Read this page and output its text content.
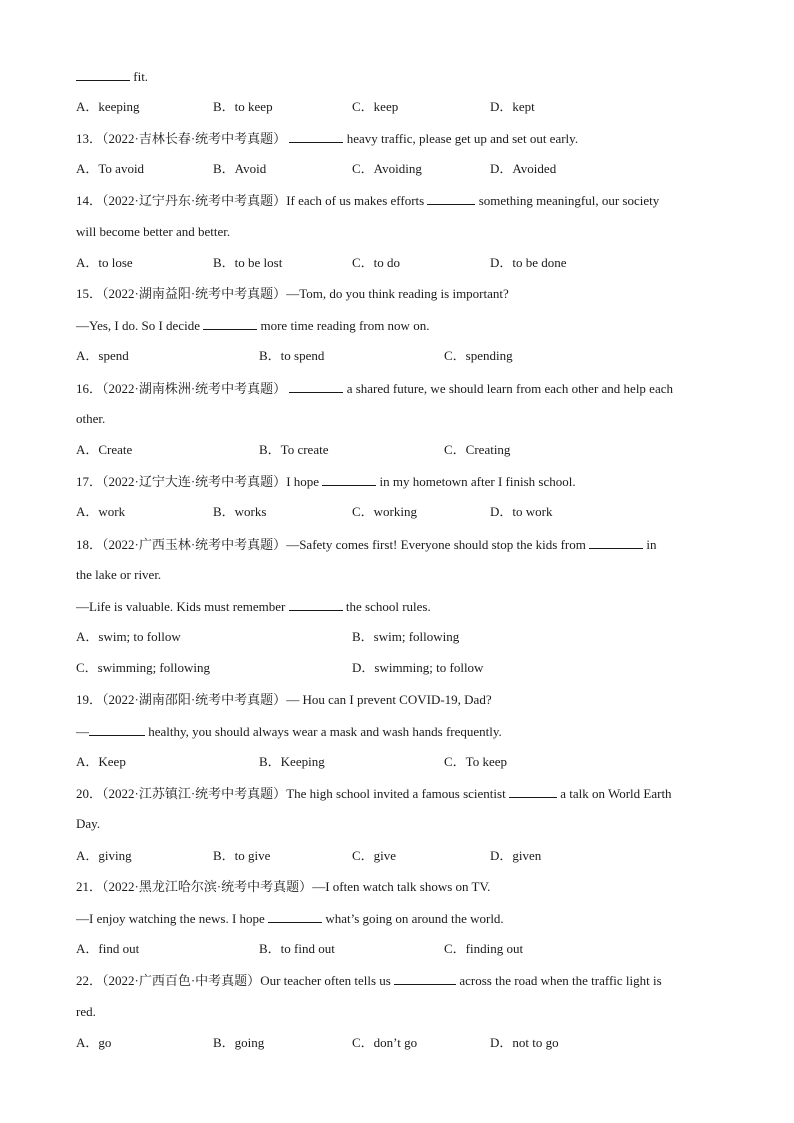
fit.
A．keeping	B．to keep	C．keep	D．kept
13．（2022·吉林长春·统考中考真题）	heavy traffic, please get up and set out early.
A．To avoid	B．Avoid	C．Avoiding	D．Avoided
14．（2022·辽宁丹东·统考中考真题）If each of us makes efforts	something meaningful, our society
will become better and better.
A．to lose	B．to be lost	C．to do	D．to be done
15．（2022·湖南益阳·统考中考真题）—Tom, do you think reading is important?
—Yes, I do. So I decide	more time reading from now on.
A．spend	B．to spend	C．spending
16．（2022·湖南株洲·统考中考真题）	a shared future, we should learn from each other and help each
other.
A．Create	B．To create	C．Creating
17．（2022·辽宁大连·统考中考真题）I hope	in my hometown after I finish school.
A．work	B．works	C．working	D．to work
18．（2022·广西玉林·统考中考真题）—Safety comes first! Everyone should stop the kids from	in
the lake or river.
—Life is valuable. Kids must remember	the school rules.
A．swim; to follow	B．swim; following
C．swimming; following	D．swimming; to follow
19．（2022·湖南邵阳·统考中考真题）— Hou can I prevent COVID-19, Dad?
—	healthy, you should always wear a mask and wash hands frequently.
A．Keep	B．Keeping	C．To keep
20．（2022·江苏镇江·统考中考真题）The high school invited a famous scientist	a talk on World Earth
Day.
A．giving	B．to give	C．give	D．given
21．（2022·黑龙江哈尔滨·统考中考真题）—I often watch talk shows on TV.
—I enjoy watching the news. I hope	what’s going on around the world.
A．find out	B．to find out	C．finding out
22．（2022·广西百色·中考真题）Our teacher often tells us	across the road when the traffic light is
red.
A．go	B．going	C．don’t go	D．not to go
